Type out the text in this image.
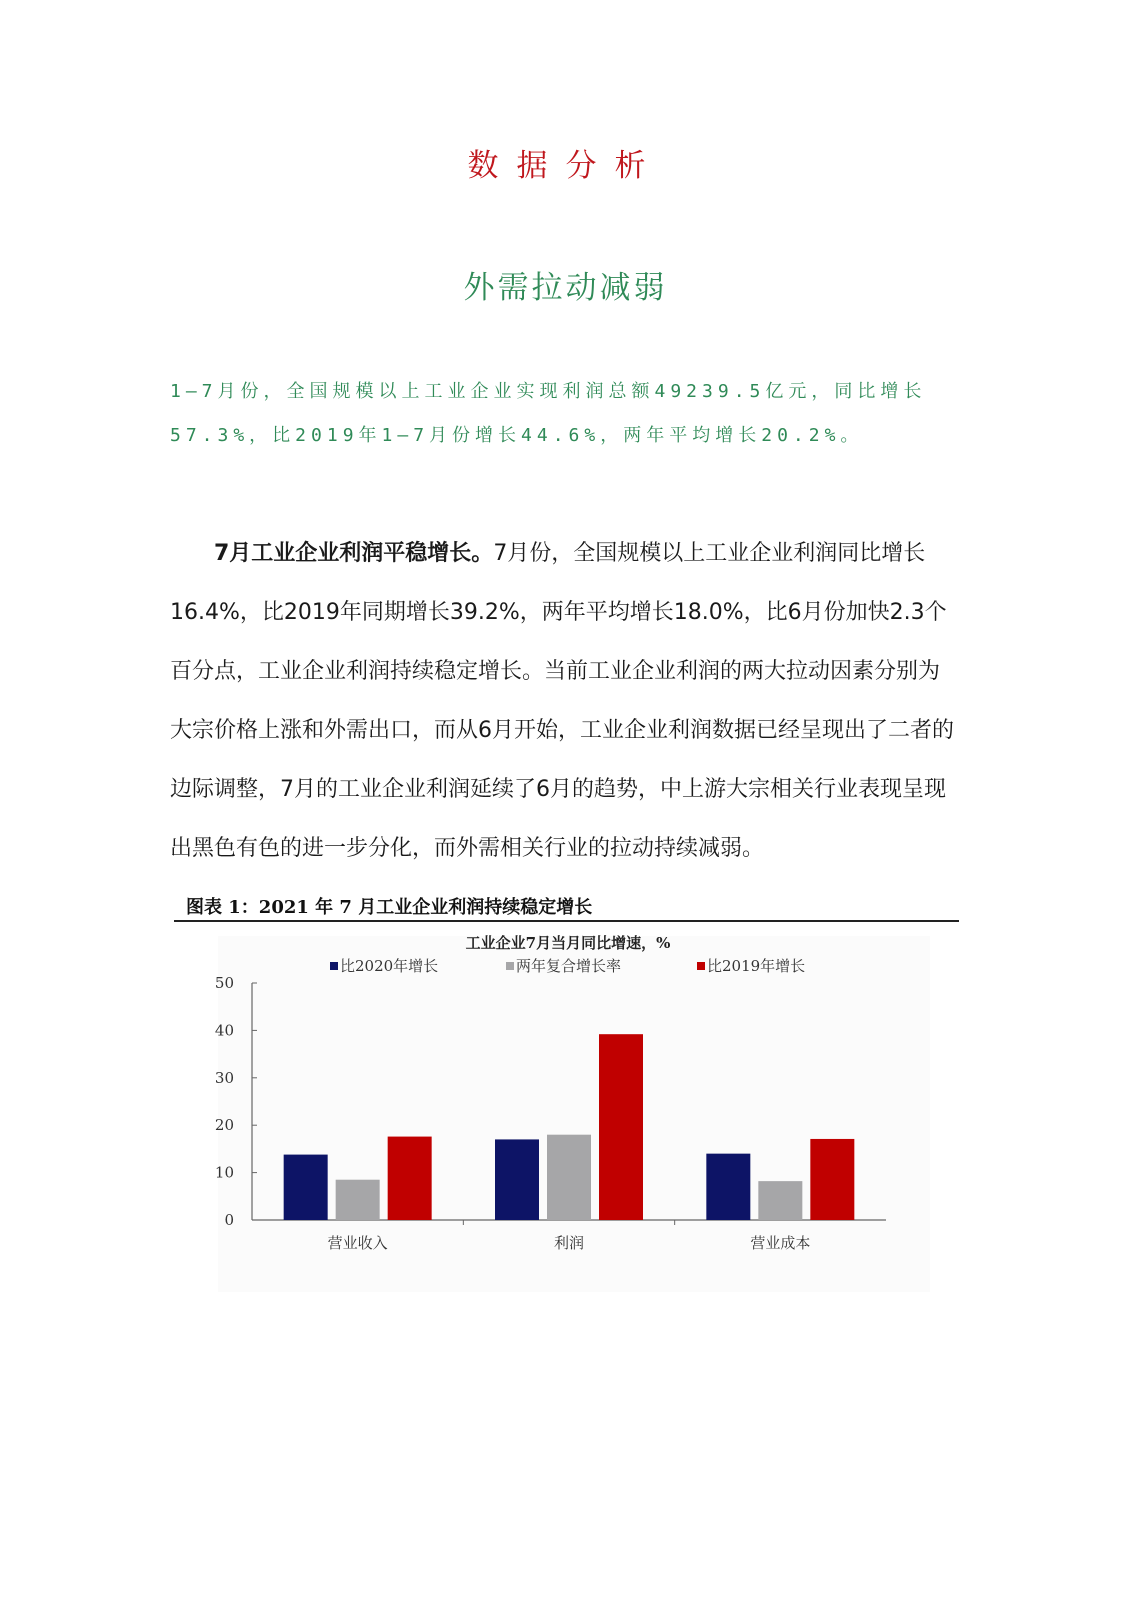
数据分析
外需拉动减弱

1—7月份，全国规模以上工业企业实现利润总额49239.5亿元，同比增长57.3%，比2019年1—7月份增长44.6%，两年平均增长20.2%。

7月工业企业利润平稳增长。7月份，全国规模以上工业企业利润同比增长16.4%，比2019年同期增长39.2%，两年平均增长18.0%，比6月份加快2.3个百分点，工业企业利润持续稳定增长。当前工业企业利润的两大拉动因素分别为大宗价格上涨和外需出口，而从6月开始，工业企业利润数据已经呈现出了二者的边际调整，7月的工业企业利润延续了6月的趋势，中上游大宗相关行业表现呈现出黑色有色的进一步分化，而外需相关行业的拉动持续减弱。

图表 1：2021 年 7 月工业企业利润持续稳定增长

工业企业7月当月同比增速，%
比2020年增长	两年复合增长率	比2019年增长
0
10
20
30
40
50
营业收入	利润	营业成本
